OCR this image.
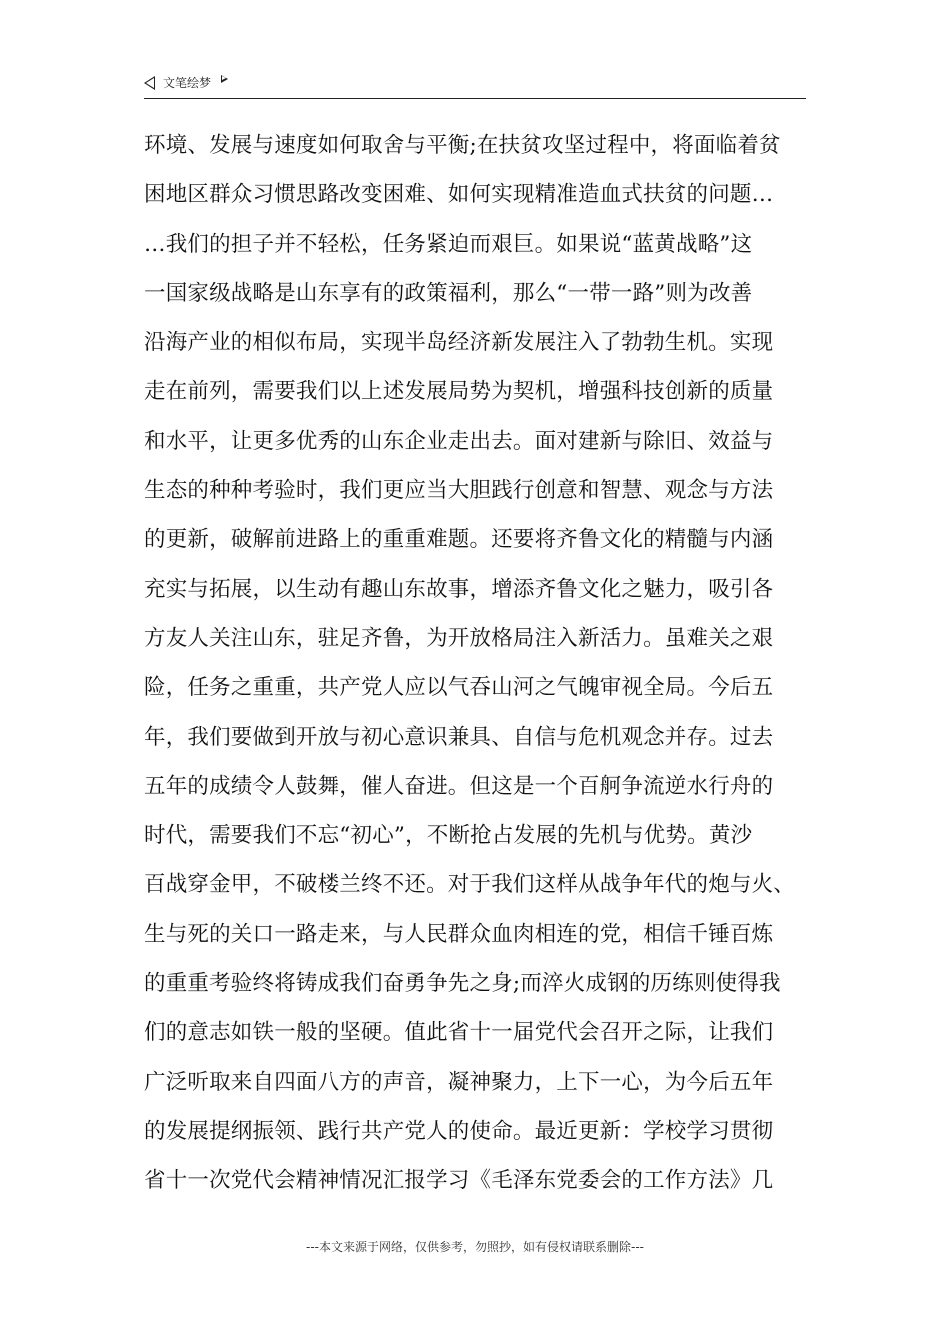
文笔绘梦
环境、发展与速度如何取舍与平衡;在扶贫攻坚过程中，将面临着贫
困地区群众习惯思路改变困难、如何实现精准造血式扶贫的问题…
…我们的担子并不轻松，任务紧迫而艰巨。如果说“蓝黄战略”这
一国家级战略是山东享有的政策福利，那么“一带一路”则为改善
沿海产业的相似布局，实现半岛经济新发展注入了勃勃生机。实现
走在前列，需要我们以上述发展局势为契机，增强科技创新的质量
和水平，让更多优秀的山东企业走出去。面对建新与除旧、效益与
生态的种种考验时，我们更应当大胆践行创意和智慧、观念与方法
的更新，破解前进路上的重重难题。还要将齐鲁文化的精髓与内涵
充实与拓展，以生动有趣山东故事，增添齐鲁文化之魅力，吸引各
方友人关注山东，驻足齐鲁，为开放格局注入新活力。虽难关之艰
险，任务之重重，共产党人应以气吞山河之气魄审视全局。今后五
年，我们要做到开放与初心意识兼具、自信与危机观念并存。过去
五年的成绩令人鼓舞，催人奋进。但这是一个百舸争流逆水行舟的
时代，需要我们不忘“初心”，不断抢占发展的先机与优势。黄沙
百战穿金甲，不破楼兰终不还。对于我们这样从战争年代的炮与火、
生与死的关口一路走来，与人民群众血肉相连的党，相信千锤百炼
的重重考验终将铸成我们奋勇争先之身;而淬火成钢的历练则使得我
们的意志如铁一般的坚硬。值此省十一届党代会召开之际，让我们
广泛听取来自四面八方的声音，凝神聚力，上下一心，为今后五年
的发展提纲振领、践行共产党人的使命。最近更新：学校学习贯彻
省十一次党代会精神情况汇报学习《毛泽东党委会的工作方法》几
---本文来源于网络，仅供参考，勿照抄，如有侵权请联系删除---
